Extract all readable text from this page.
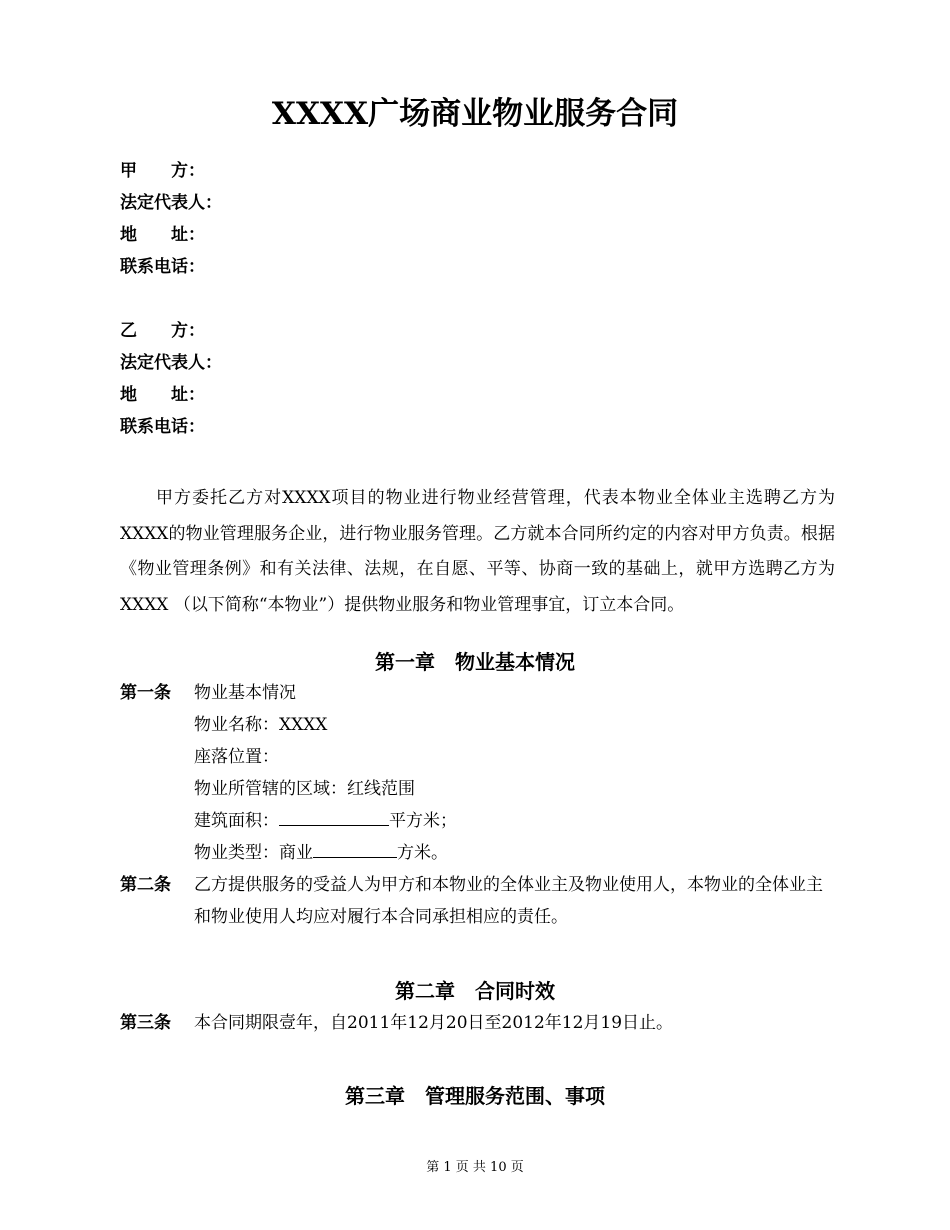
XXXX广场商业物业服务合同
甲　　方：
法定代表人：
地　　址：
联系电话：
乙　　方：
法定代表人：
地　　址：
联系电话：

甲方委托乙方对XXXX项目的物业进行物业经营管理，代表本物业全体业主选聘乙方为XXXX的物业管理服务企业，进行物业服务管理。乙方就本合同所约定的内容对甲方负责。根据《物业管理条例》和有关法律、法规，在自愿、平等、协商一致的基础上，就甲方选聘乙方为XXXX （以下简称“本物业”）提供物业服务和物业管理事宜，订立本合同。

第一章　物业基本情况
第一条 物业基本情况
物业名称：XXXX
座落位置：
物业所管辖的区域：红线范围
建筑面积：	平方米；
物业类型：商业	方米。
第二条 乙方提供服务的受益人为甲方和本物业的全体业主及物业使用人，本物业的全体业主和物业使用人均应对履行本合同承担相应的责任。
第二章　合同时效
第三条 本合同期限壹年，自2011年12月20日至2012年12月19日止。
第三章　管理服务范围、事项
第 1 页 共 10 页
